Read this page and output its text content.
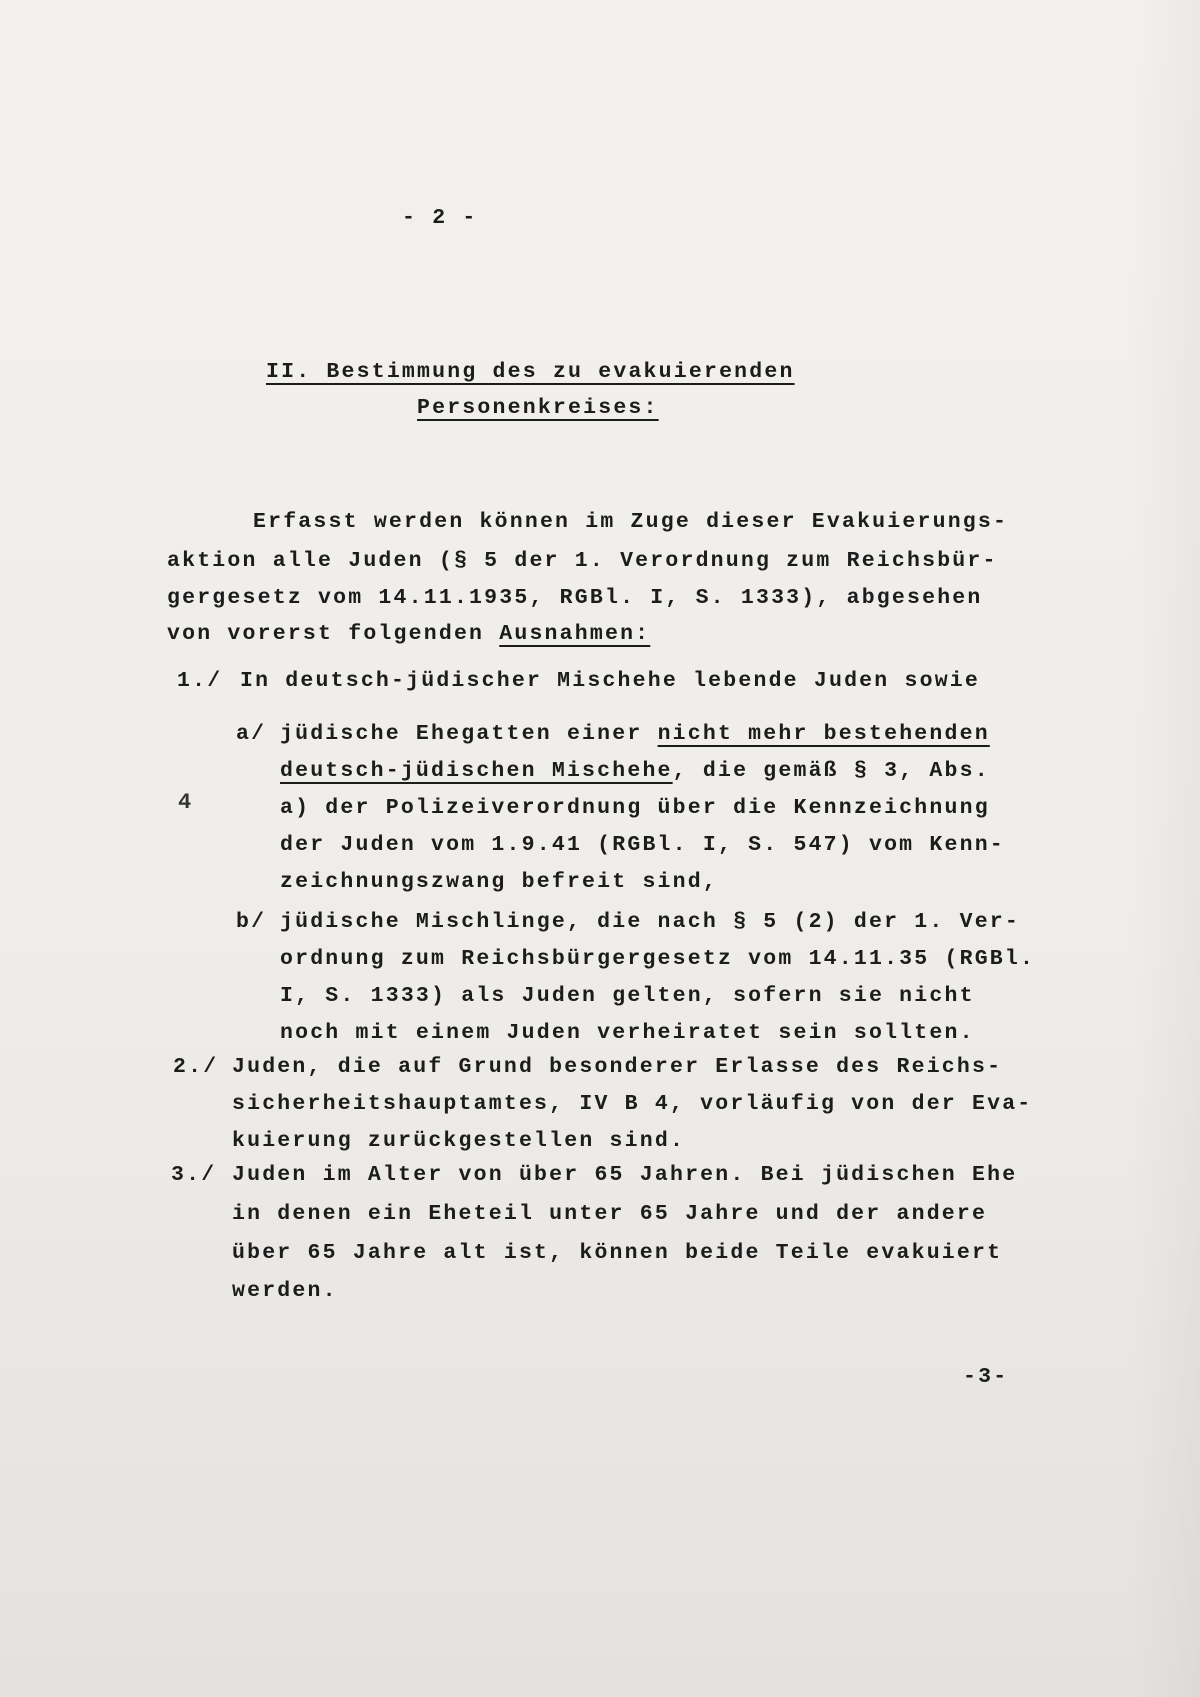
- 2 -
II. Bestimmung des zu evakuierenden
Personenkreises:
Erfasst werden können im Zuge dieser Evakuierungs-
aktion alle Juden (§ 5 der 1. Verordnung zum Reichsbür-
gergesetz vom 14.11.1935, RGBl. I, S. 1333), abgesehen
von vorerst folgenden Ausnahmen:
1./ In deutsch-jüdischer Mischehe lebende Juden sowie
a/ jüdische Ehegatten einer nicht mehr bestehenden
deutsch-jüdischen Mischehe, die gemäß § 3, Abs.
a) der Polizeiverordnung über die Kennzeichnung
der Juden vom 1.9.41 (RGBl. I, S. 547) vom Kenn-
zeichnungszwang befreit sind,
4
b/ jüdische Mischlinge, die nach § 5 (2) der 1. Ver-
ordnung zum Reichsbürgergesetz vom 14.11.35 (RGBl.
I, S. 1333) als Juden gelten, sofern sie nicht
noch mit einem Juden verheiratet sein sollten.
2./ Juden, die auf Grund besonderer Erlasse des Reichs-
sicherheitshauptamtes, IV B 4, vorläufig von der Eva-
kuierung zurückgestellen sind.
3./ Juden im Alter von über 65 Jahren. Bei jüdischen Ehe
in denen ein Eheteil unter 65 Jahre und der andere
über 65 Jahre alt ist, können beide Teile evakuiert
werden.
-3-
